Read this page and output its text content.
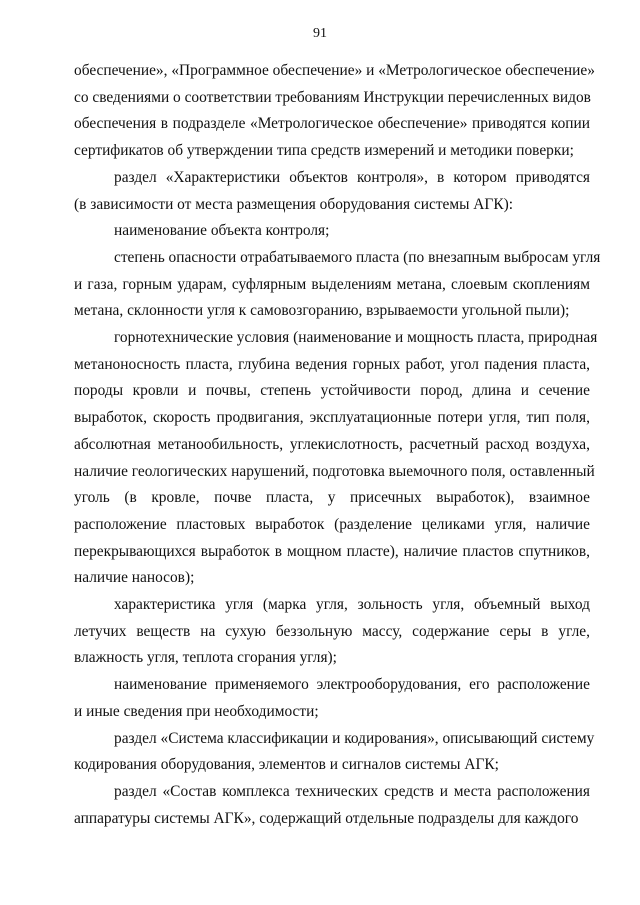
91
обеспечение», «Программное обеспечение» и «Метрологическое обеспечение»
со сведениями о соответствии требованиям Инструкции перечисленных видов
обеспечения в подразделе «Метрологическое обеспечение» приводятся копии
сертификатов об утверждении типа средств измерений и методики поверки;
раздел «Характеристики объектов контроля», в котором приводятся
(в зависимости от места размещения оборудования системы АГК):
наименование объекта контроля;
степень опасности отрабатываемого пласта (по внезапным выбросам угля
и газа, горным ударам, суфлярным выделениям метана, слоевым скоплениям
метана, склонности угля к самовозгоранию, взрываемости угольной пыли);
горнотехнические условия (наименование и мощность пласта, природная
метаноносность пласта, глубина ведения горных работ, угол падения пласта,
породы кровли и почвы, степень устойчивости пород, длина и сечение
выработок, скорость продвигания, эксплуатационные потери угля, тип поля,
абсолютная метанообильность, углекислотность, расчетный расход воздуха,
наличие геологических нарушений, подготовка выемочного поля, оставленный
уголь (в кровле, почве пласта, у присечных выработок), взаимное
расположение пластовых выработок (разделение целиками угля, наличие
перекрывающихся выработок в мощном пласте), наличие пластов спутников,
наличие наносов);
характеристика угля (марка угля, зольность угля, объемный выход
летучих веществ на сухую беззольную массу, содержание серы в угле,
влажность угля, теплота сгорания угля);
наименование применяемого электрооборудования, его расположение
и иные сведения при необходимости;
раздел «Система классификации и кодирования», описывающий систему
кодирования оборудования, элементов и сигналов системы АГК;
раздел «Состав комплекса технических средств и места расположения
аппаратуры системы АГК», содержащий отдельные подразделы для каждого
